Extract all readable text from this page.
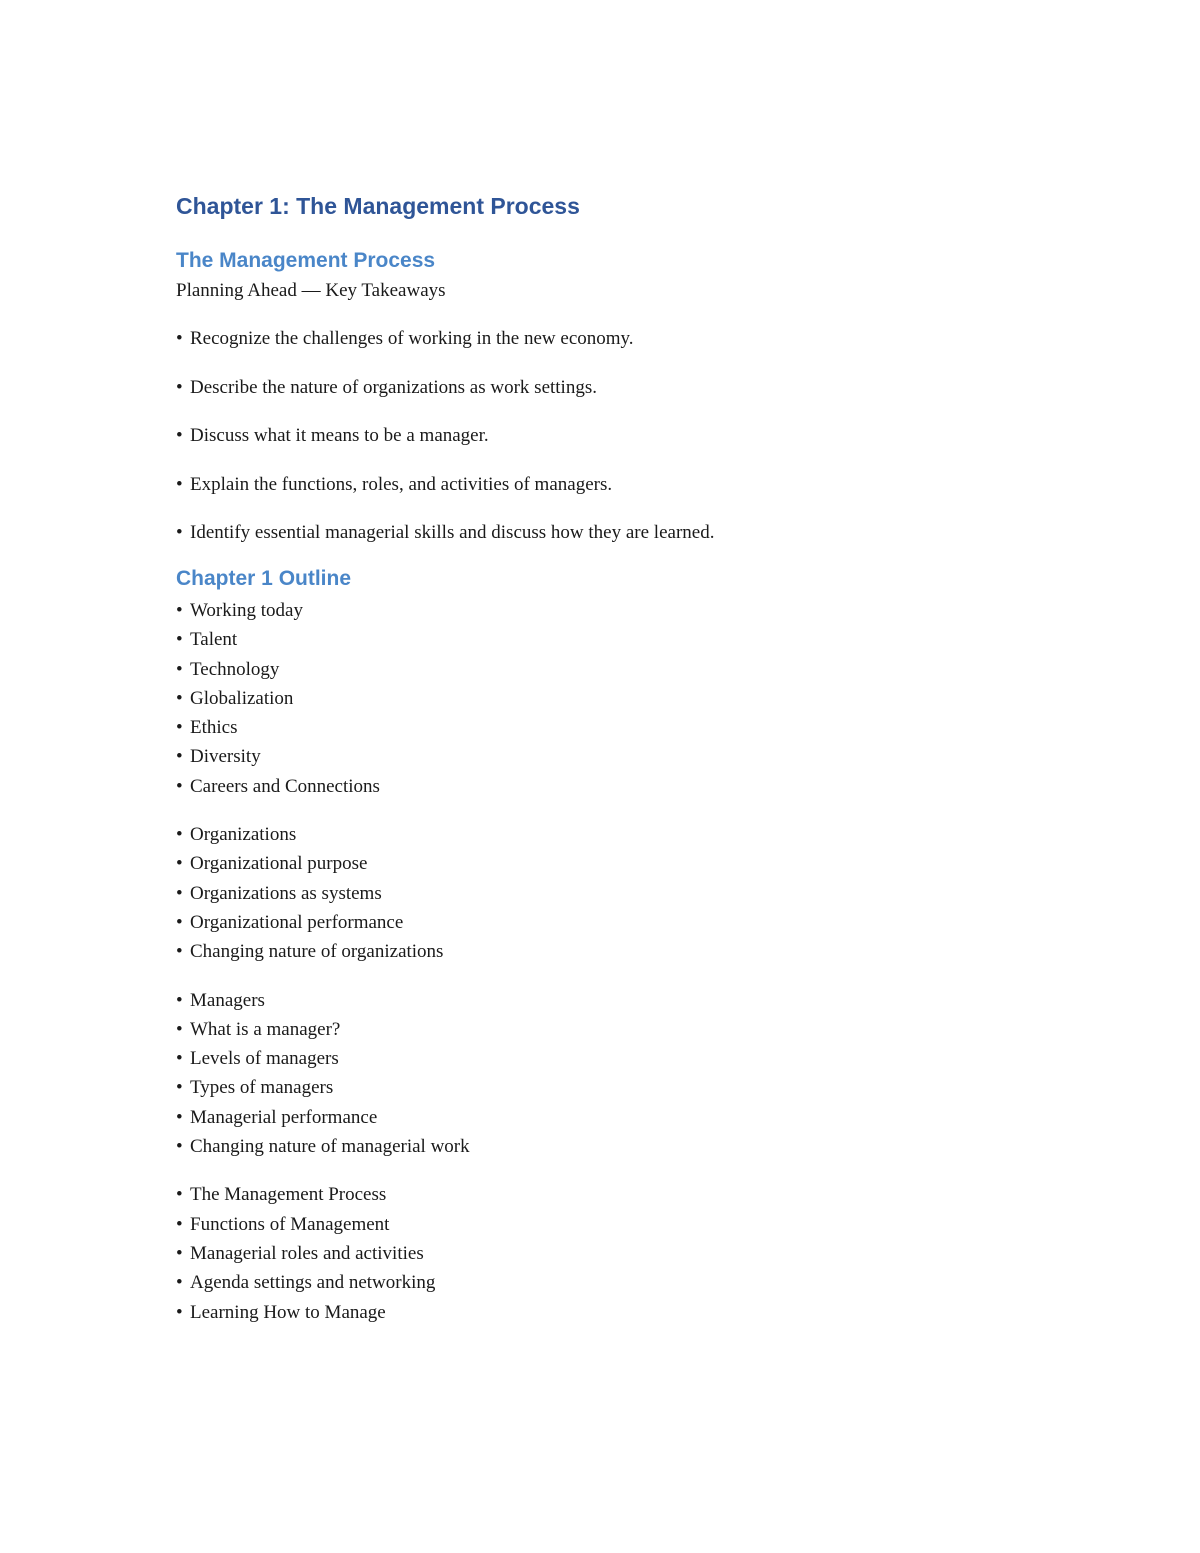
Chapter 1: The Management Process
The Management Process

Planning Ahead — Key Takeaways

• Recognize the challenges of working in the new economy.
• Describe the nature of organizations as work settings.
• Discuss what it means to be a manager.
• Explain the functions, roles, and activities of managers.
• Identify essential managerial skills and discuss how they are learned.
Chapter 1 Outline
• Working today
• Talent
• Technology
• Globalization
• Ethics
• Diversity
• Careers and Connections
• Organizations
• Organizational purpose
• Organizations as systems
• Organizational performance
• Changing nature of organizations
• Managers
• What is a manager?
• Levels of managers
• Types of managers
• Managerial performance
• Changing nature of managerial work
• The Management Process
• Functions of Management
• Managerial roles and activities
• Agenda settings and networking
• Learning How to Manage
